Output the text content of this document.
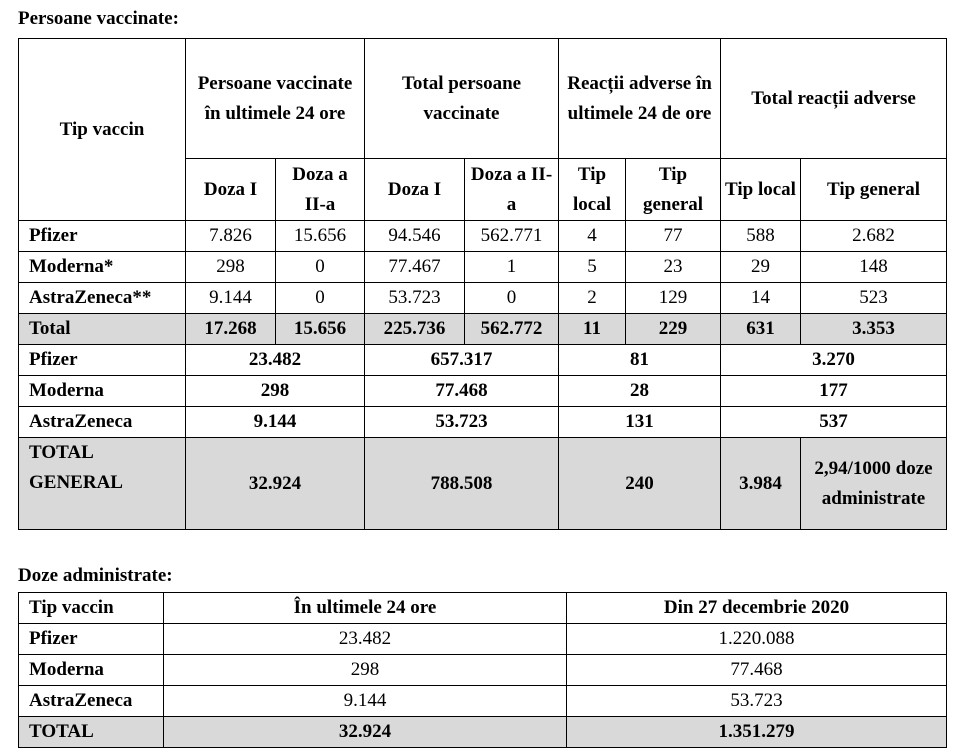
Persoane vaccinate:
Tip vaccin	Persoane vaccinate în ultimele 24 ore		Total persoane vaccinate		Reacții adverse în ultimele 24 de ore		Total reacții adverse	
	Doza I	Doza a II-a	Doza I	Doza a II-a	Tip local	Tip general	Tip local	Tip general
Pfizer	7.826	15.656	94.546	562.771	4	77	588	2.682
Moderna*	298	0	77.467	1	5	23	29	148
AstraZeneca**	9.144	0	53.723	0	2	129	14	523
Total	17.268	15.656	225.736	562.772	11	229	631	3.353
Pfizer	23.482		657.317		81		3.270	
Moderna	298		77.468		28		177	
AstraZeneca	9.144		53.723		131		537	
TOTAL GENERAL	32.924		788.508		240		3.984	2,94/1000 doze administrate
Doze administrate:
Tip vaccin	În ultimele 24 ore	Din 27 decembrie 2020
Pfizer	23.482	1.220.088
Moderna	298	77.468
AstraZeneca	9.144	53.723
TOTAL	32.924	1.351.279
